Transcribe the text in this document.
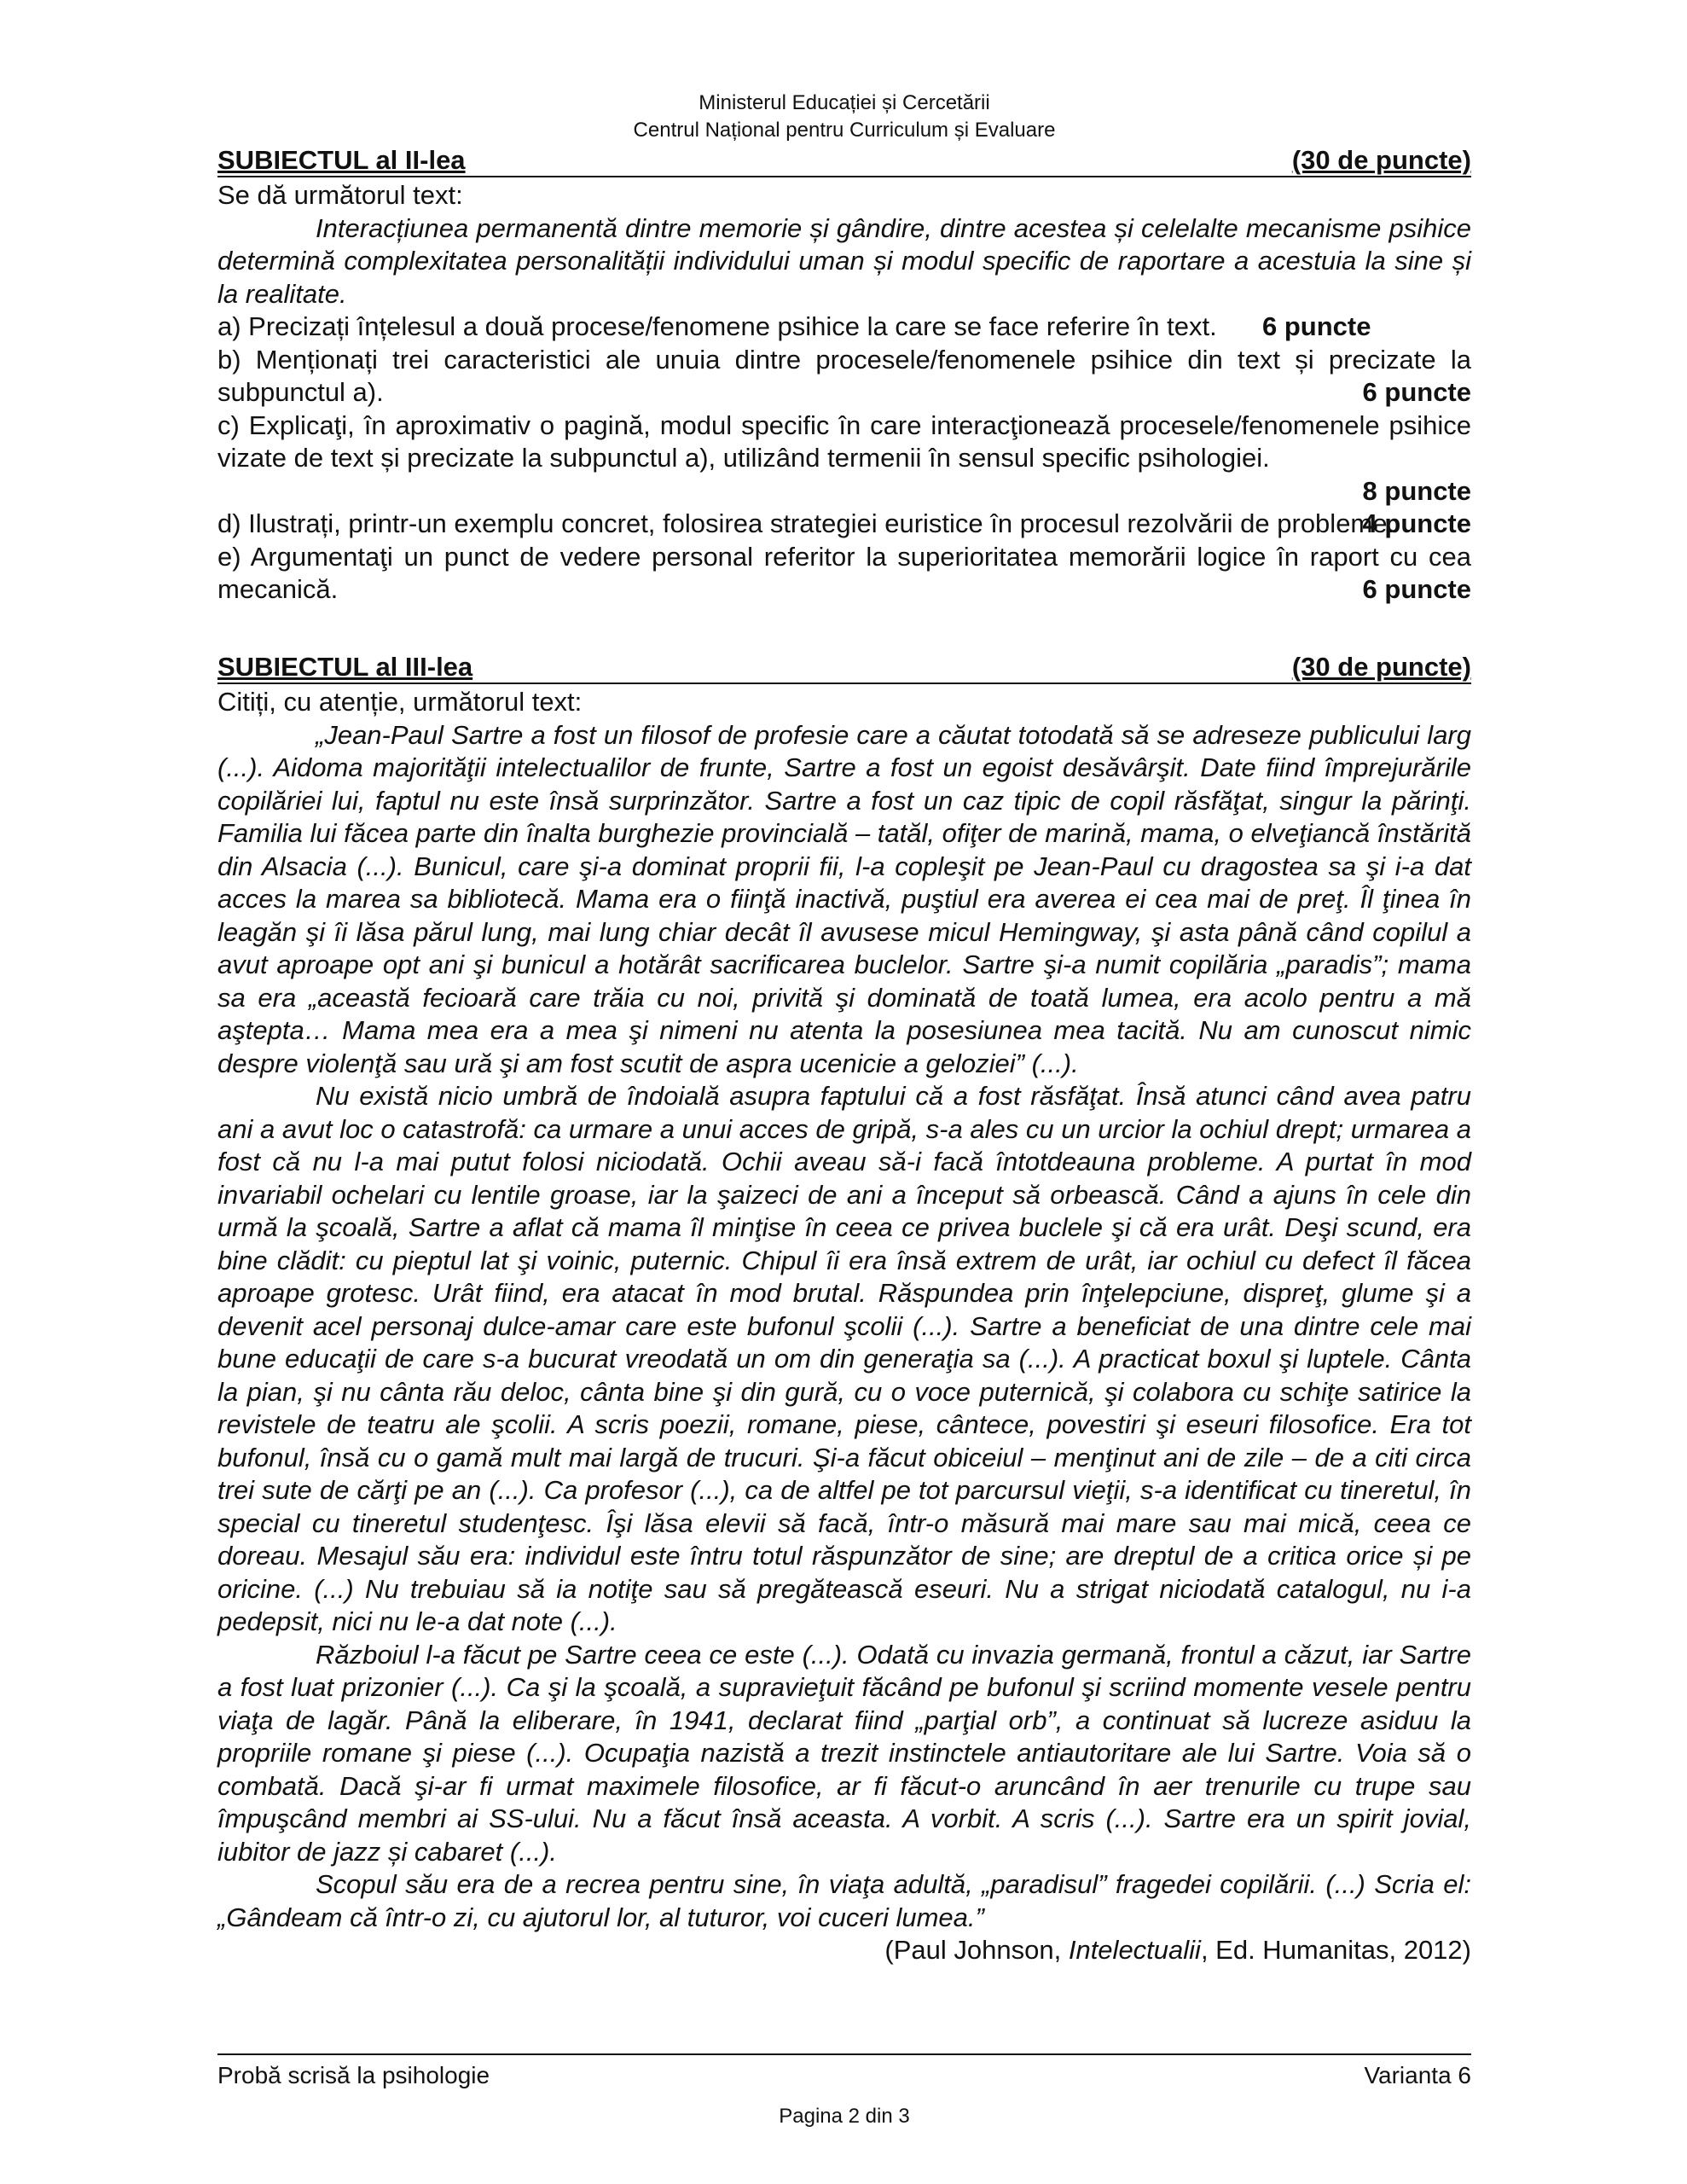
Ministerul Educației și Cercetării
Centrul Național pentru Curriculum și Evaluare
SUBIECTUL al II-lea	(30 de puncte)

Se dă următorul text:

Interacțiunea permanentă dintre memorie și gândire, dintre acestea și celelalte mecanisme psihice determină complexitatea personalității individului uman și modul specific de raportare a acestuia la sine și la realitate.

a) Precizați înțelesul a două procese/fenomene psihice la care se face referire în text. 6 puncte

b) Menționați trei caracteristici ale unuia dintre procesele/fenomenele psihice din text și precizate la subpunctul a).	6 puncte

c) Explicaţi, în aproximativ o pagină, modul specific în care interacţionează procesele/fenomenele psihice vizate de text și precizate la subpunctul a), utilizând termenii în sensul specific psihologiei.

8 puncte

d) Ilustrați, printr-un exemplu concret, folosirea strategiei euristice în procesul rezolvării de probleme.

4 puncte

e) Argumentaţi un punct de vedere personal referitor la superioritatea memorării logice în raport cu cea mecanică.	6 puncte

SUBIECTUL al III-lea	(30 de puncte)

Citiți, cu atenție, următorul text:

„Jean-Paul Sartre a fost un filosof de profesie care a căutat totodată să se adreseze publicului larg (...). Aidoma majorităţii intelectualilor de frunte, Sartre a fost un egoist desăvârşit. Date fiind împrejurările copilăriei lui, faptul nu este însă surprinzător. Sartre a fost un caz tipic de copil răsfăţat, singur la părinţi. Familia lui făcea parte din înalta burghezie provincială – tatăl, ofiţer de marină, mama, o elveţiancă înstărită din Alsacia (...). Bunicul, care şi-a dominat proprii fii, l-a copleşit pe Jean-Paul cu dragostea sa şi i-a dat acces la marea sa bibliotecă. Mama era o fiinţă inactivă, puştiul era averea ei cea mai de preţ. Îl ţinea în leagăn şi îi lăsa părul lung, mai lung chiar decât îl avusese micul Hemingway, şi asta până când copilul a avut aproape opt ani şi bunicul a hotărât sacrificarea buclelor. Sartre şi-a numit copilăria „paradis”; mama sa era „această fecioară care trăia cu noi, privită şi dominată de toată lumea, era acolo pentru a mă aştepta… Mama mea era a mea şi nimeni nu atenta la posesiunea mea tacită. Nu am cunoscut nimic despre violenţă sau ură şi am fost scutit de aspra ucenicie a geloziei” (...).

Nu există nicio umbră de îndoială asupra faptului că a fost răsfăţat. Însă atunci când avea patru ani a avut loc o catastrofă: ca urmare a unui acces de gripă, s-a ales cu un urcior la ochiul drept; urmarea a fost că nu l-a mai putut folosi niciodată. Ochii aveau să-i facă întotdeauna probleme. A purtat în mod invariabil ochelari cu lentile groase, iar la şaizeci de ani a început să orbească. Când a ajuns în cele din urmă la şcoală, Sartre a aflat că mama îl minţise în ceea ce privea buclele şi că era urât. Deşi scund, era bine clădit: cu pieptul lat şi voinic, puternic. Chipul îi era însă extrem de urât, iar ochiul cu defect îl făcea aproape grotesc. Urât fiind, era atacat în mod brutal. Răspundea prin înţelepciune, dispreţ, glume şi a devenit acel personaj dulce-amar care este bufonul şcolii (...). Sartre a beneficiat de una dintre cele mai bune educaţii de care s-a bucurat vreodată un om din generaţia sa (...). A practicat boxul şi luptele. Cânta la pian, şi nu cânta rău deloc, cânta bine şi din gură, cu o voce puternică, şi colabora cu schiţe satirice la revistele de teatru ale şcolii. A scris poezii, romane, piese, cântece, povestiri şi eseuri filosofice. Era tot bufonul, însă cu o gamă mult mai largă de trucuri. Şi-a făcut obiceiul – menţinut ani de zile – de a citi circa trei sute de cărţi pe an (...). Ca profesor (...), ca de altfel pe tot parcursul vieţii, s-a identificat cu tineretul, în special cu tineretul studenţesc. Îşi lăsa elevii să facă, într-o măsură mai mare sau mai mică, ceea ce doreau. Mesajul său era: individul este întru totul răspunzător de sine; are dreptul de a critica orice și pe oricine. (...) Nu trebuiau să ia notiţe sau să pregătească eseuri. Nu a strigat niciodată catalogul, nu i-a pedepsit, nici nu le-a dat note (...).

Războiul l-a făcut pe Sartre ceea ce este (...). Odată cu invazia germană, frontul a căzut, iar Sartre a fost luat prizonier (...). Ca şi la şcoală, a supravieţuit făcând pe bufonul şi scriind momente vesele pentru viaţa de lagăr. Până la eliberare, în 1941, declarat fiind „parţial orb”, a continuat să lucreze asiduu la propriile romane şi piese (...). Ocupaţia nazistă a trezit instinctele antiautoritare ale lui Sartre. Voia să o combată. Dacă şi-ar fi urmat maximele filosofice, ar fi făcut-o aruncând în aer trenurile cu trupe sau împuşcând membri ai SS-ului. Nu a făcut însă aceasta. A vorbit. A scris (...). Sartre era un spirit jovial, iubitor de jazz și cabaret (...).

Scopul său era de a recrea pentru sine, în viaţa adultă, „paradisul” fragedei copilării. (...) Scria el: „Gândeam că într-o zi, cu ajutorul lor, al tuturor, voi cuceri lumea.”

(Paul Johnson, Intelectualii, Ed. Humanitas, 2012)

Probă scrisă la psihologie	Varianta 6
Pagina 2 din 3
